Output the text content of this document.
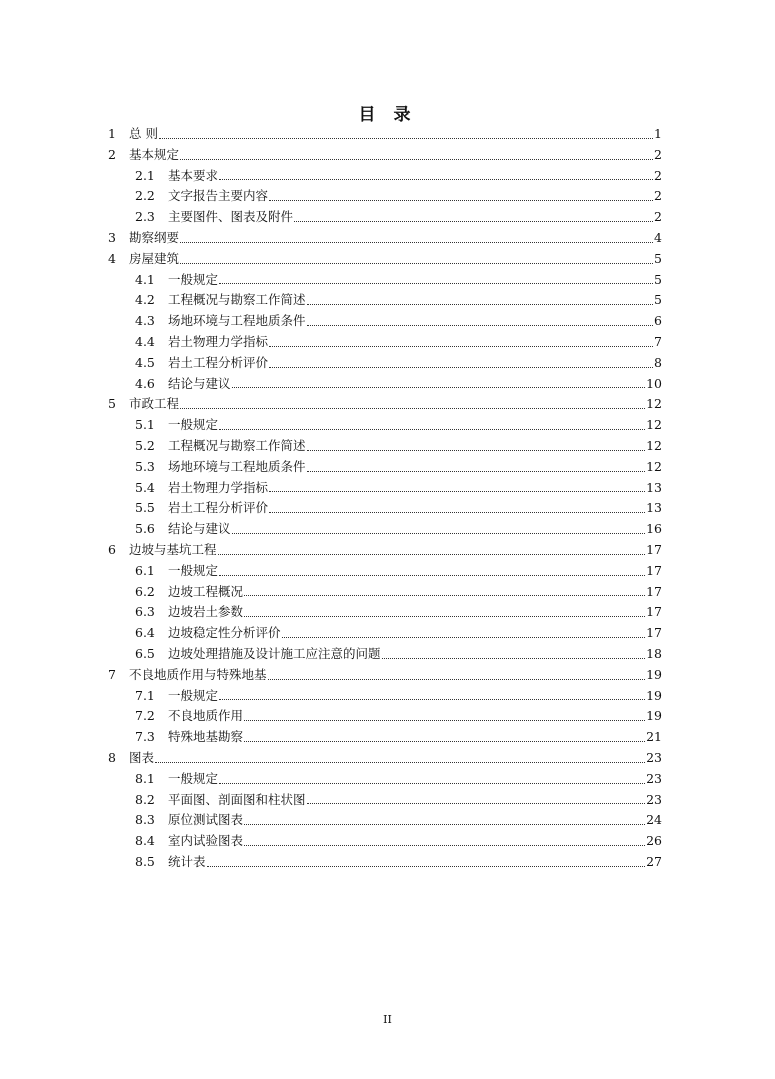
目 录
1	总 则	1
2	基本规定	2
2.1	基本要求	2
2.2	文字报告主要内容	2
2.3	主要图件、图表及附件	2
3	勘察纲要	4
4	房屋建筑	5
4.1	一般规定	5
4.2	工程概况与勘察工作简述	5
4.3	场地环境与工程地质条件	6
4.4	岩土物理力学指标	7
4.5	岩土工程分析评价	8
4.6	结论与建议	10
5	市政工程	12
5.1	一般规定	12
5.2	工程概况与勘察工作简述	12
5.3	场地环境与工程地质条件	12
5.4	岩土物理力学指标	13
5.5	岩土工程分析评价	13
5.6	结论与建议	16
6	边坡与基坑工程	17
6.1	一般规定	17
6.2	边坡工程概况	17
6.3	边坡岩土参数	17
6.4	边坡稳定性分析评价	17
6.5	边坡处理措施及设计施工应注意的问题	18
7	不良地质作用与特殊地基	19
7.1	一般规定	19
7.2	不良地质作用	19
7.3	特殊地基勘察	21
8	图表	23
8.1	一般规定	23
8.2	平面图、剖面图和柱状图	23
8.3	原位测试图表	24
8.4	室内试验图表	26
8.5	统计表	27
II
